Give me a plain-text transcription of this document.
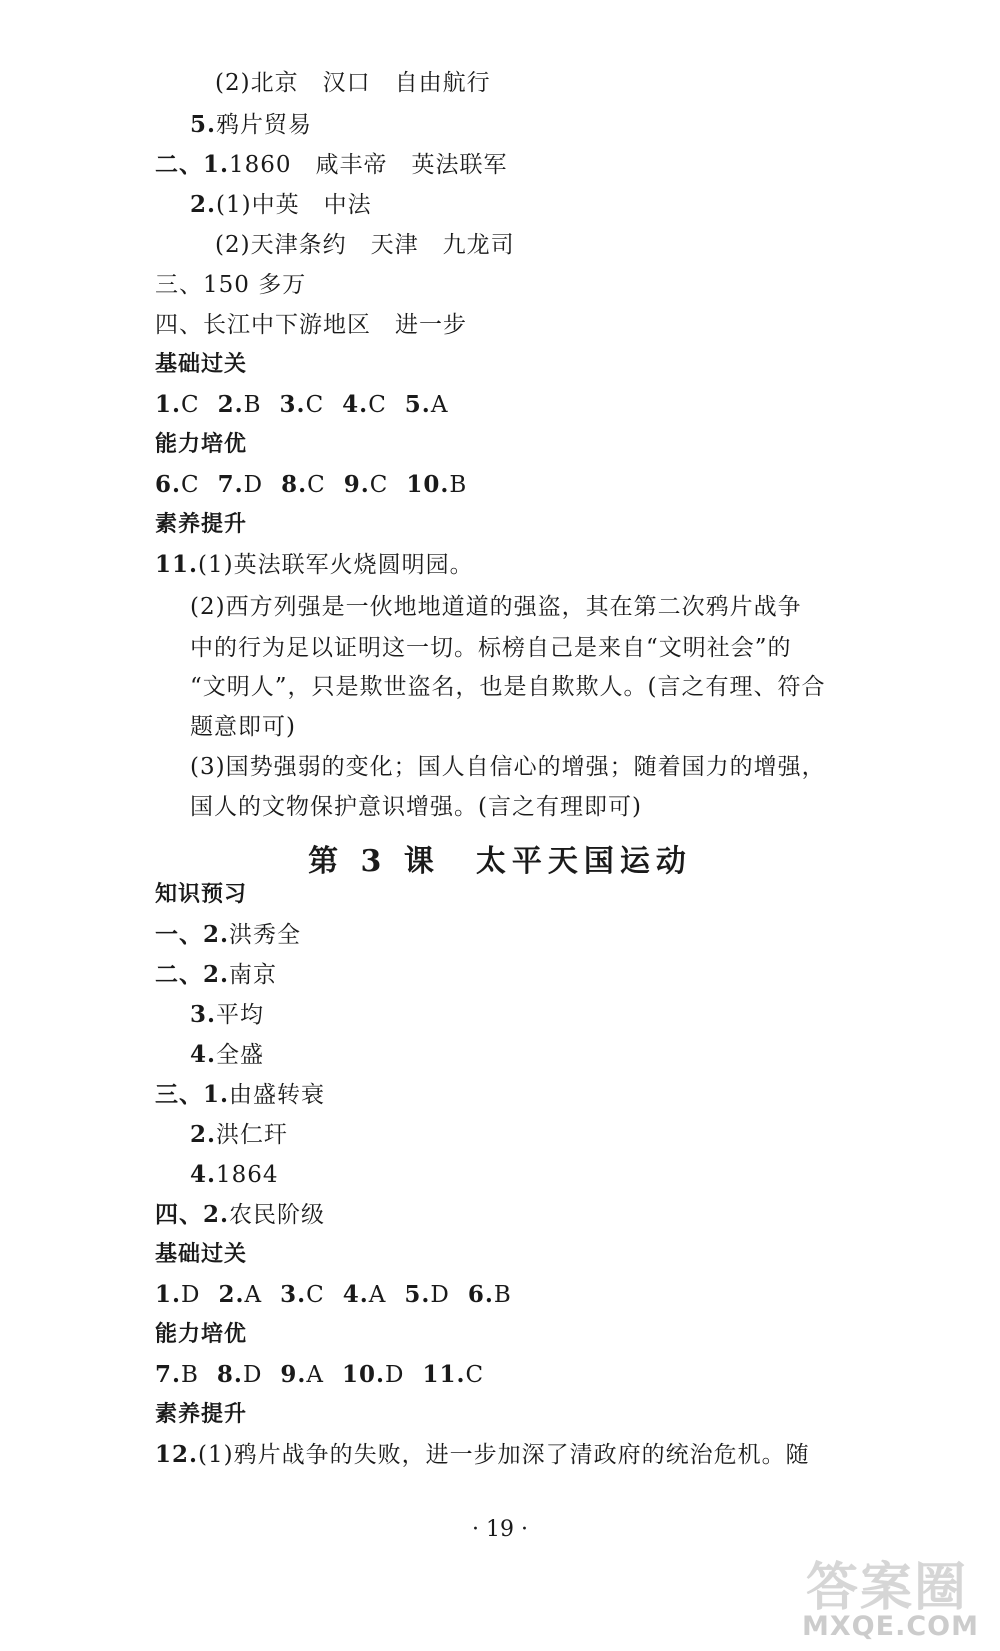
(2)北京　汉口　自由航行
5.鸦片贸易
二、1.1860　咸丰帝　英法联军
2.(1)中英　中法
(2)天津条约　天津　九龙司
三、150 多万
四、长江中下游地区　进一步
基础过关
1.C 2.B 3.C 4.C 5.A
能力培优
6.C 7.D 8.C 9.C 10.B
素养提升
11.(1)英法联军火烧圆明园。
(2)西方列强是一伙地地道道的强盗，其在第二次鸦片战争
中的行为足以证明这一切。标榜自己是来自“文明社会”的
“文明人”，只是欺世盗名，也是自欺欺人。(言之有理、符合
题意即可)
(3)国势强弱的变化；国人自信心的增强；随着国力的增强，
国人的文物保护意识增强。(言之有理即可)
第 3 课　太平天国运动
知识预习
一、2.洪秀全
二、2.南京
3.平均
4.全盛
三、1.由盛转衰
2.洪仁玕
4.1864
四、2.农民阶级
基础过关
1.D 2.A 3.C 4.A 5.D 6.B
能力培优
7.B 8.D 9.A 10.D 11.C
素养提升
12.(1)鸦片战争的失败，进一步加深了清政府的统治危机。随
· 19 ·
答案圈
MXQE.COM
